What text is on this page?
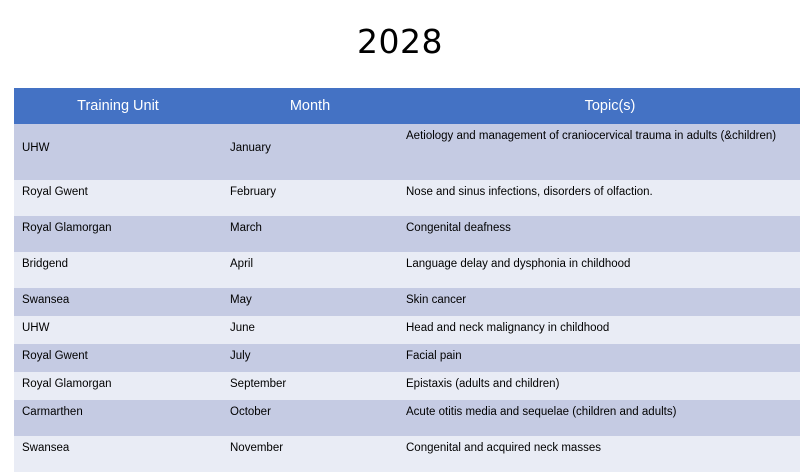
2028
Training Unit	Month	Topic(s)
UHW	January	Aetiology and management of craniocervical trauma in adults (&children)
Royal Gwent	February	Nose and sinus infections, disorders of olfaction.
Royal Glamorgan	March	Congenital deafness
Bridgend	April	Language delay and dysphonia in childhood
Swansea	May	Skin cancer
UHW	June	Head and neck malignancy in childhood
Royal Gwent	July	Facial pain
Royal Glamorgan	September	Epistaxis (adults and children)
Carmarthen	October	Acute otitis media and sequelae (children and adults)
Swansea	November	Congenital and acquired neck masses
